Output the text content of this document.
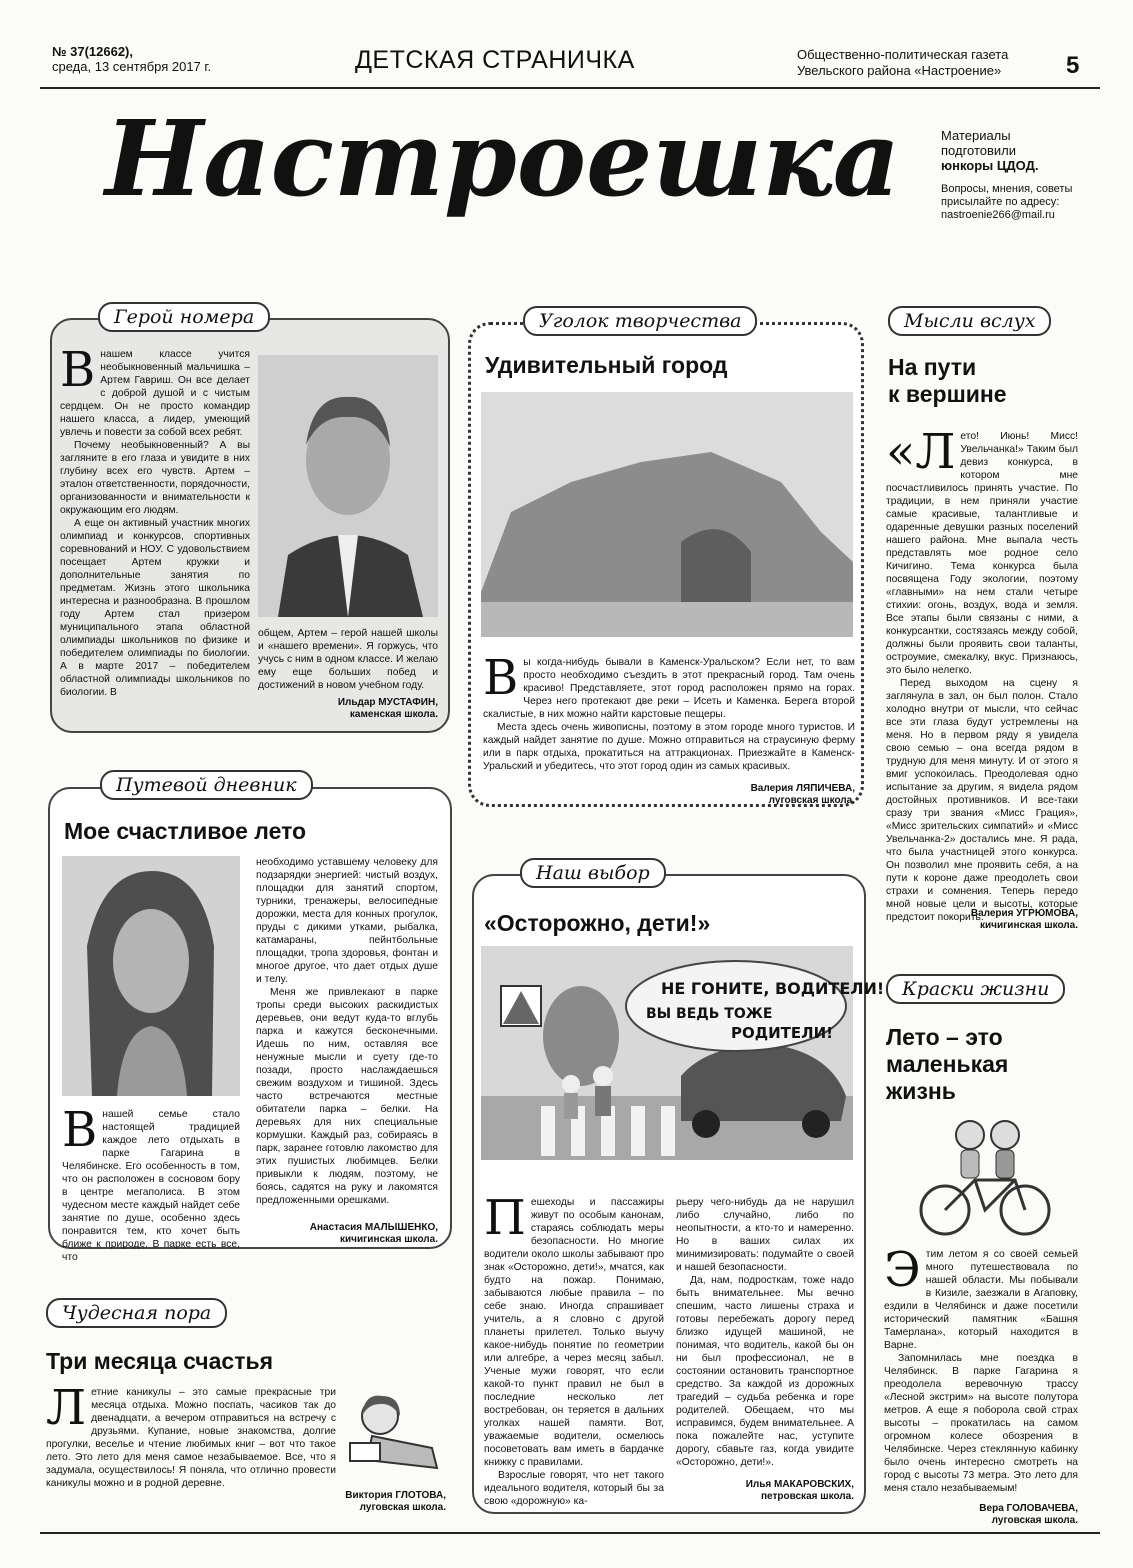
№ 37(12662),
среда, 13 сентября 2017 г.	ДЕТСКАЯ СТРАНИЧКА	Общественно-политическая газета
Увельского района «Настроение»	5
Настроешка	Материалы
подготовили
юнкоры ЦДОД.
Вопросы, мнения, советы
присылайте по адресу:
nastroenie266@mail.ru
Герой номера
В нашем классе учится необыкновенный мальчишка – Артем Гавриш. Он все делает с доброй душой и с чистым сердцем. Он не просто командир нашего класса, а лидер, умеющий увлечь и повести за собой всех ребят.

Почему необыкновенный? А вы загляните в его глаза и увидите в них глубину всех его чувств. Артем – эталон ответственности, порядочности, организованности и внимательности к окружающим его людям.

А еще он активный участник многих олимпиад и конкурсов, спортивных соревнований и НОУ. С удовольствием посещает Артем кружки и дополнительные занятия по предметам. Жизнь этого школьника интересна и разнообразна. В прошлом году Артем стал призером муниципального этапа областной олимпиады школьников по физике и победителем олимпиады по биологии. А в марте 2017 – победителем областной олимпиады школьников по биологии. В

общем, Артем – герой нашей школы и «нашего времени». Я горжусь, что учусь с ним в одном классе. И желаю ему еще больших побед и достижений в новом учебном году.
Ильдар МУСТАФИН,
каменская школа.
Уголок творчества
Удивительный город
В ы когда-нибудь бывали в Каменск-Уральском? Если нет, то вам просто необходимо съездить в этот прекрасный город. Там очень красиво! Представляете, этот город расположен прямо на горах. Через него протекают две реки – Исеть и Каменка. Берега второй скалистые, в них можно найти карстовые пещеры.

Места здесь очень живописны, поэтому в этом городе много туристов. И каждый найдет занятие по душе. Можно отправиться на страусиную ферму или в парк отдыха, прокатиться на аттракционах. Приезжайте в Каменск-Уральский и убедитесь, что этот город один из самых красивых.

Валерия ЛЯПИЧЕВА,
луговская школа.
Мысли вслух
На пути
к вершине
«Л ето! Июнь! Мисс! Увельчанка!» Таким был девиз конкурса, в котором мне посчастливилось принять участие. По традиции, в нем приняли участие самые красивые, талантливые и одаренные девушки разных поселений нашего района. Мне выпала честь представлять мое родное село Кичигино. Тема конкурса была посвящена Году экологии, поэтому «главными» на нем стали четыре стихии: огонь, воздух, вода и земля. Все этапы были связаны с ними, а конкурсантки, состязаясь между собой, должны были проявить свои таланты, остроумие, смекалку, вкус. Признаюсь, это было нелегко.

Перед выходом на сцену я заглянула в зал, он был полон. Стало холодно внутри от мысли, что сейчас все эти глаза будут устремлены на меня. Но в первом ряду я увидела свою семью – она всегда рядом в трудную для меня минуту. И от этого я вмиг успокоилась. Преодолевая одно испытание за другим, я видела рядом достойных противников. И все-таки сразу три звания «Мисс Грация», «Мисс зрительских симпатий» и «Мисс Увельчанка-2» достались мне. Я рада, что была участницей этого конкурса. Он позволил мне проявить себя, а на пути к короне даже преодолеть свои страхи и сомнения. Теперь передо мной новые цели и высоты, которые предстоит покорить.

Валерия УГРЮМОВА,
кичигинская школа.
Путевой дневник
Мое счастливое лето
В нашей семье стало настоящей традицией каждое лето отдыхать в парке Гагарина в Челябинске. Его особенность в том, что он расположен в сосновом бору в центре мегаполиса. В этом чудесном месте каждый найдет себе занятие по душе, особенно здесь понравится тем, кто хочет быть ближе к природе. В парке есть все, что
необходимо уставшему человеку для подзарядки энергией: чистый воздух, площадки для занятий спортом, турники, тренажеры, велосипедные дорожки, места для конных прогулок, пруды с дикими утками, рыбалка, катамараны, пейнтбольные площадки, тропа здоровья, фонтан и многое другое, что дает отдых душе и телу.

Меня же привлекают в парке тропы среди высоких раскидистых деревьев, они ведут куда-то вглубь парка и кажутся бесконечными. Идешь по ним, оставляя все ненужные мысли и суету где-то позади, просто наслаждаешься свежим воздухом и тишиной. Здесь часто встречаются местные обитатели парка – белки. На деревьях для них специальные кормушки. Каждый раз, собираясь в парк, заранее готовлю лакомство для этих пушистых любимцев. Белки привыкли к людям, поэтому, не боясь, садятся на руку и лакомятся предложенными орешками.

Анастасия МАЛЫШЕНКО,
кичигинская школа.
Наш выбор
«Осторожно, дети!»
НЕ ГОНИТЕ, ВОДИТЕЛИ!
ВЫ ВЕДЬ ТОЖЕ
РОДИТЕЛИ!
П ешеходы и пассажиры живут по особым канонам, стараясь соблюдать меры безопасности. Но многие водители около школы забывают про знак «Осторожно, дети!», мчатся, как будто на пожар. Понимаю, забываются любые правила – по себе знаю. Иногда спрашивает учитель, а я словно с другой планеты прилетел. Только выучу какое-нибудь понятие по геометрии или алгебре, а через месяц забыл. Ученые мужи говорят, что если какой-то пункт правил не был в последние несколько лет востребован, он теряется в дальних уголках нашей памяти. Вот, уважаемые водители, осмелюсь посоветовать вам иметь в бардачке книжку с правилами.

Взрослые говорят, что нет такого идеального водителя, который бы за свою «дорожную» ка-

рьеру чего-нибудь да не нарушил либо случайно, либо по неопытности, а кто-то и намеренно. Но в ваших силах их минимизировать: подумайте о своей и нашей безопасности.

Да, нам, подросткам, тоже надо быть внимательнее. Мы вечно спешим, часто лишены страха и готовы перебежать дорогу перед близко идущей машиной, не понимая, что водитель, какой бы он ни был профессионал, не в состоянии остановить транспортное средство. За каждой из дорожных трагедий – судьба ребенка и горе родителей. Обещаем, что мы исправимся, будем внимательнее. А пока пожалейте нас, уступите дорогу, сбавьте газ, когда увидите «Осторожно, дети!».

Илья МАКАРОВСКИХ,
петровская школа.
Краски жизни
Лето – это
маленькая
жизнь
Э тим летом я со своей семьей много путешествовала по нашей области. Мы побывали в Кизиле, заезжали в Агаповку, ездили в Челябинск и даже посетили исторический памятник «Башня Тамерлана», который находится в Варне.

Запомнилась мне поездка в Челябинск. В парке Гагарина я преодолела веревочную трассу «Лесной экстрим» на высоте полутора метров. А еще я поборола свой страх высоты – прокатилась на самом огромном колесе обозрения в Челябинске. Через стеклянную кабинку было очень интересно смотреть на город с высоты 73 метра. Это лето для меня стало незабываемым!

Вера ГОЛОВАЧЕВА,
луговская школа.
Чудесная пора
Три месяца счастья
Л етние каникулы – это самые прекрасные три месяца отдыха. Можно поспать, часиков так до двенадцати, а вечером отправиться на встречу с друзьями. Купание, новые знакомства, долгие прогулки, веселье и чтение любимых книг – вот что такое лето. Это лето для меня самое незабываемое. Все, что я задумала, осуществилось! Я поняла, что отлично провести каникулы можно и в родной деревне.
Виктория ГЛОТОВА,
луговская школа.
